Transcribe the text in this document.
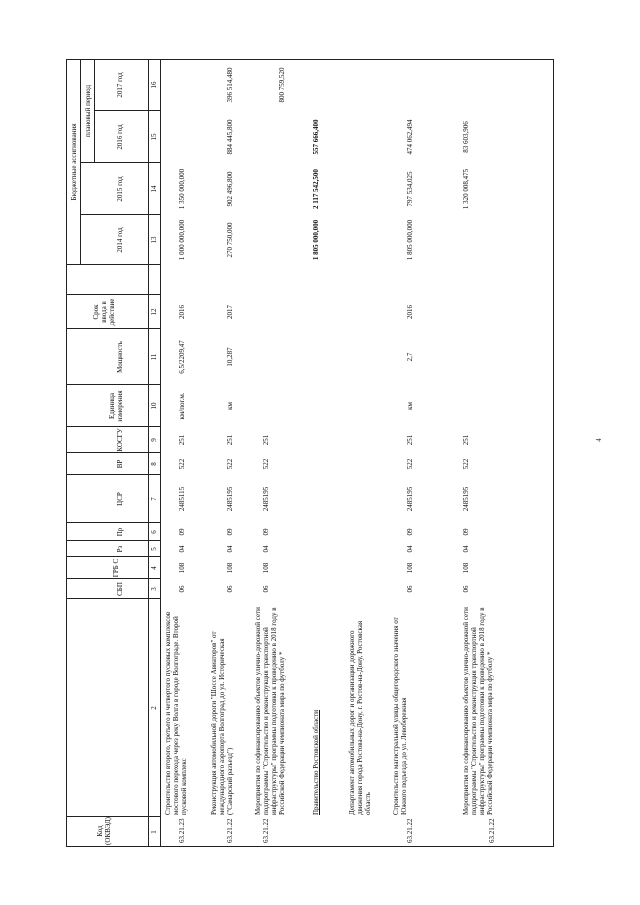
Код (ОКВЭД)
СБП
ГРБ С
Рз
Пр
ЦСР
ВР
КОСГУ
Единица измерения
Мощность
Срок ввода в действие
Бюджетные ассигнования
2014 год
2015 год
плановый период	2016 год
2017 год
1
2
3
4
5
6
7
8
9
10
11
12
13
14
15
16
63.21.23
Строительство второго, третьего и четвертого пусковых комплексов мостового перехода через реку Волга в городе Волгограде. Второй пусковой комплекс
06
108
04
09
2485115
522
251
км/пог.м.
6,5/2209,47
2016
1 000 000,000
1 350 000,000
63.21.22
Реконструкция автомобильной дороги "Шоссе Авиаторов" от международного аэропорта Волгоград до ул. Историческая ("Самарский разъезд")
06
108
04
09
2485195
522
251
км
10,287
2017
270 750,000
902 496,800
884 445,800
396 514,480
63.21.22
Мероприятия по софинансированию объектов улично-дорожной сети подпрограммы "Строительство и реконструкция транспортной инфраструктуры" программы подготовки к проведению в 2018 году в Российской Федерации чемпионата мира по футболу *
06
108
04
09
2485195
522
251
800 759,520
Правительство Ростовской области
1 805 000,000
2 117 542,500
557 666,400
Департамент автомобильных дорог и организации дорожного движения города Ростова-на-Дону, г. Ростов-на-Дону, Ростовская область
63.21.22
Строительство магистральной улицы общегородского значения от Южного подъезда до ул. Левобережная
06
108
04
09
2485195
522
251
км
2,7
2016
1 805 000,000
797 534,025
474 062,494
63.21.22
Мероприятия по софинансированию объектов улично-дорожной сети подпрограммы "Строительство и реконструкция транспортной инфраструктуры" программы подготовки к проведению в 2018 году в Российской Федерации чемпионата мира по футболу *
06
108
04
09
2485195
522
251
1 320 008,475
83 603,906
4
